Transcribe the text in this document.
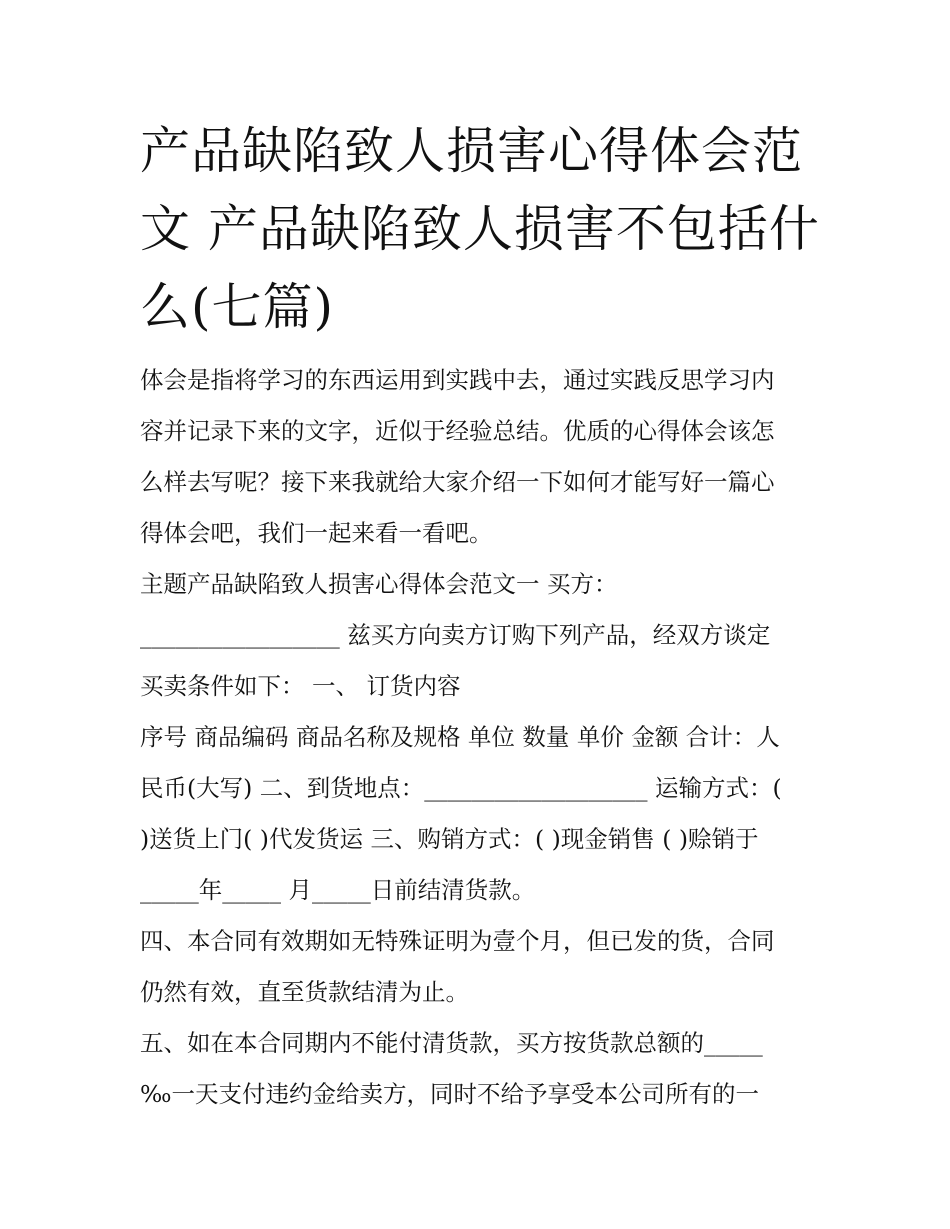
产品缺陷致人损害心得体会范
文 产品缺陷致人损害不包括什
么(七篇)
体会是指将学习的东西运用到实践中去，通过实践反思学习内
容并记录下来的文字，近似于经验总结。优质的心得体会该怎
么样去写呢？接下来我就给大家介绍一下如何才能写好一篇心
得体会吧，我们一起来看一看吧。
主题产品缺陷致人损害心得体会范文一 买方：
_________________ 兹买方向卖方订购下列产品，经双方谈定
买卖条件如下： 一、 订货内容
序号 商品编码 商品名称及规格 单位 数量 单价 金额 合计：人
民币(大写) 二、到货地点：___________________ 运输方式：(
)送货上门( )代发货运 三、购销方式：( )现金销售 ( )赊销于
_____年_____ 月_____日前结清货款。
四、本合同有效期如无特殊证明为壹个月，但已发的货，合同
仍然有效，直至货款结清为止。
五、如在本合同期内不能付清货款，买方按货款总额的_____
‰一天支付违约金给卖方，同时不给予享受本公司所有的一
